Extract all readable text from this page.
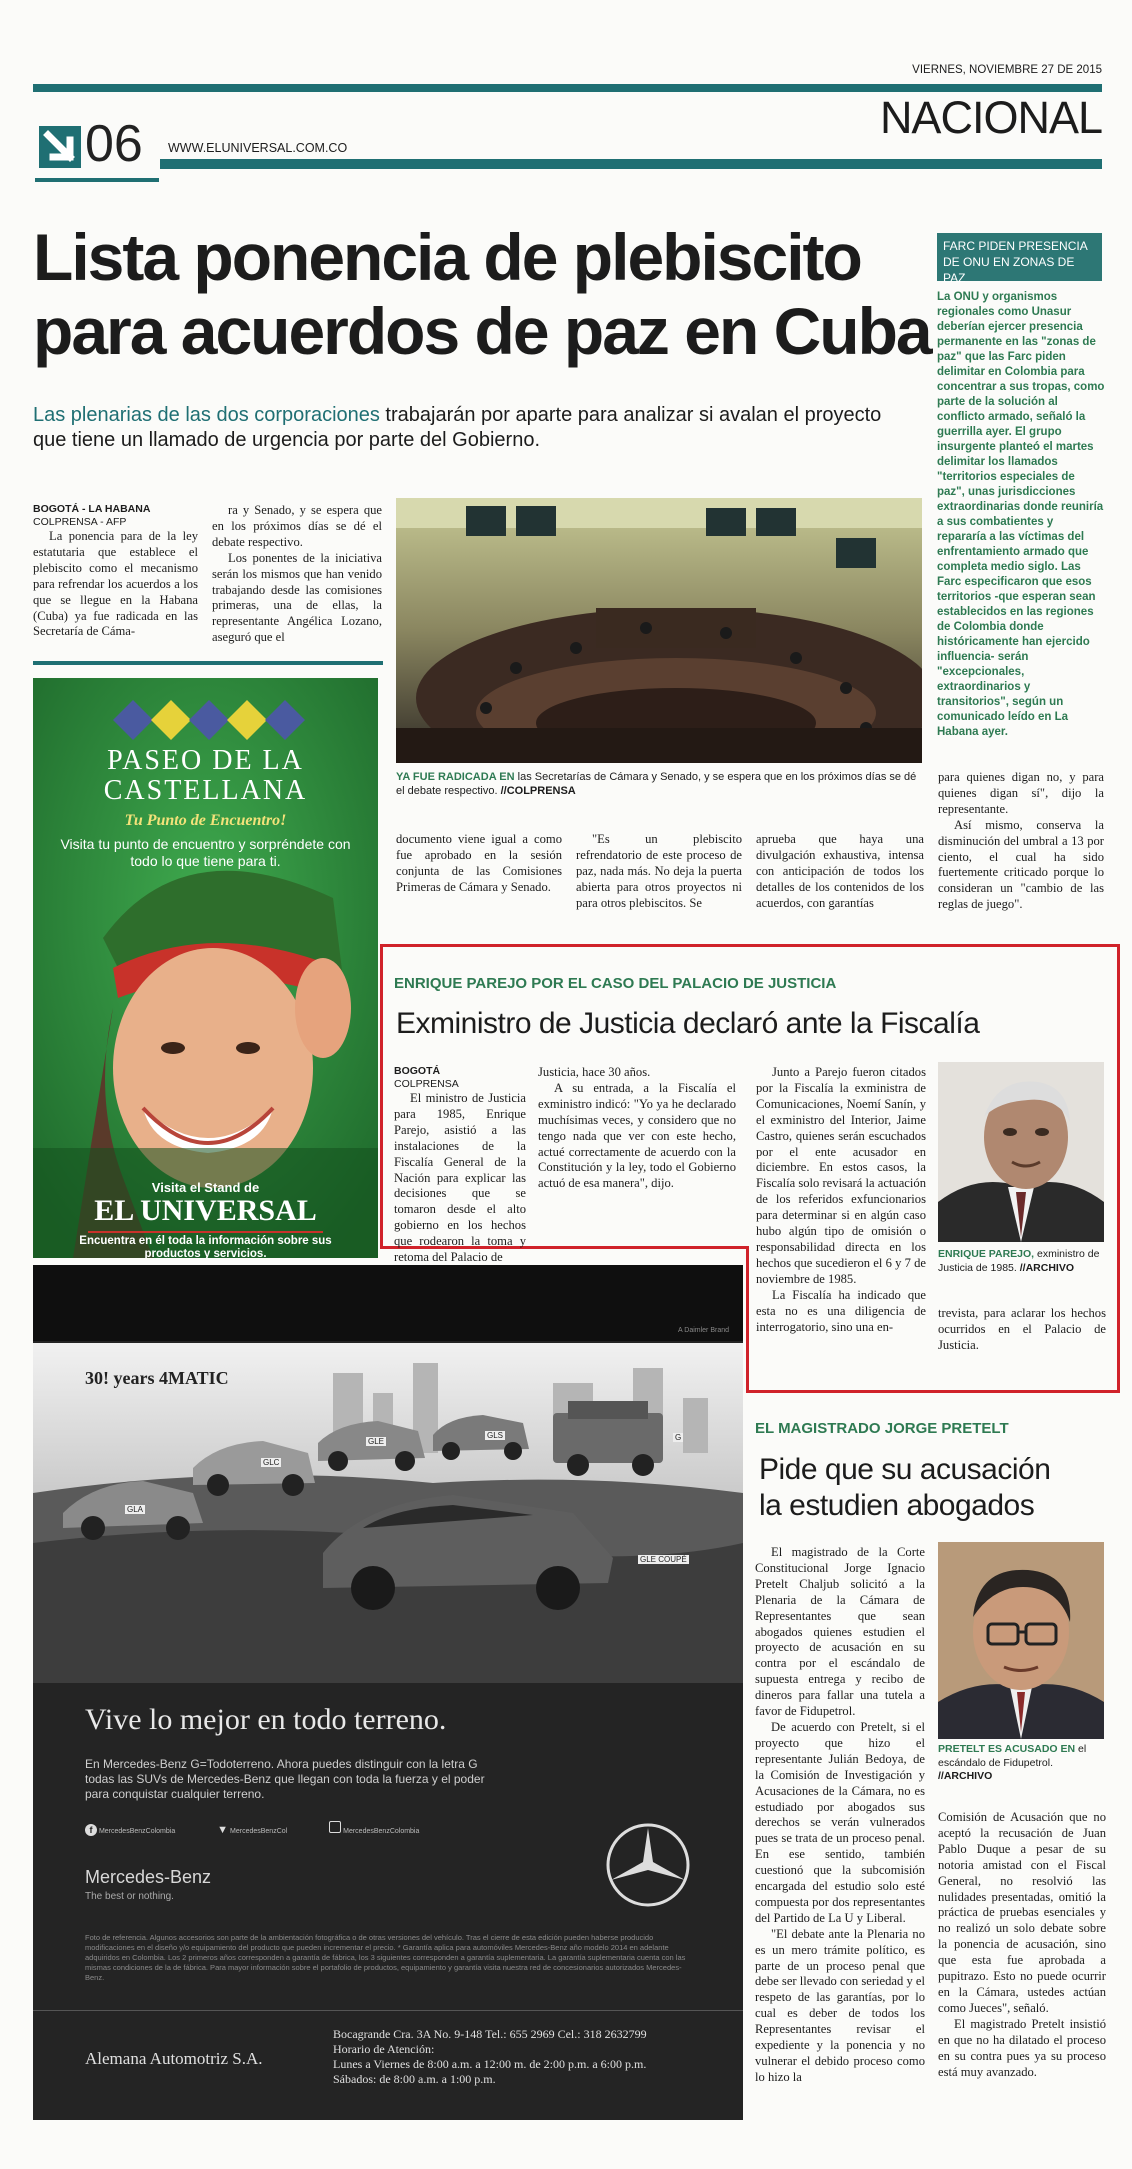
VIERNES, NOVIEMBRE 27 DE 2015
06 WWW.ELUNIVERSAL.COM.CO
NACIONAL
Lista ponencia de plebiscito
para acuerdos de paz en Cuba
Las plenarias de las dos corporaciones trabajarán por aparte para analizar si avalan el proyecto que tiene un llamado de urgencia por parte del Gobierno.
BOGOTÁ - LA HABANA
COLPRENSA - AFP

La ponencia para de la ley estatutaria que establece el plebiscito como el mecanismo para refrendar los acuerdos a los que se llegue en la Habana (Cuba) ya fue radicada en las Secretaría de Cáma-

ra y Senado, y se espera que en los próximos días se dé el debate respectivo.

Los ponentes de la iniciativa serán los mismos que han venido trabajando desde las comisiones primeras, una de ellas, la representante Angélica Lozano, aseguró que el

YA FUE RADICADA EN las Secretarías de Cámara y Senado, y se espera que en los próximos días se dé el debate respectivo. //COLPRENSA

documento viene igual a como fue aprobado en la sesión conjunta de las Comisiones Primeras de Cámara y Senado.

"Es un plebiscito refrendatorio de este proceso de paz, nada más. No deja la puerta abierta para otros proyectos ni para otros plebiscitos. Se

aprueba que haya una divulgación exhaustiva, intensa con anticipación de todos los detalles de los contenidos de los acuerdos, con garantías

para quienes digan no, y para quienes digan sí", dijo la representante.

Así mismo, conserva la disminución del umbral a 13 por ciento, el cual ha sido fuertemente criticado porque lo consideran un "cambio de las reglas de juego".

FARC PIDEN PRESENCIA DE ONU EN ZONAS DE PAZ
La ONU y organismos regionales como Unasur deberían ejercer presencia permanente en las "zonas de paz" que las Farc piden delimitar en Colombia para concentrar a sus tropas, como parte de la solución al conflicto armado, señaló la guerrilla ayer. El grupo insurgente planteó el martes delimitar los llamados "territorios especiales de paz", unas jurisdicciones extraordinarias donde reuniría a sus combatientes y repararía a las víctimas del enfrentamiento armado que completa medio siglo. Las Farc especificaron que esos territorios -que esperan sean establecidos en las regiones de Colombia donde históricamente han ejercido influencia- serán "excepcionales, extraordinarios y transitorios", según un comunicado leído en La Habana ayer.
PASEO DE LA
CASTELLANA
Tu Punto de Encuentro!
Visita tu punto de encuentro y sorpréndete con todo lo que tiene para ti.
Visita el Stand de
EL UNIVERSAL
Encuentra en él toda la información sobre sus productos y servicios.
ENRIQUE PAREJO POR EL CASO DEL PALACIO DE JUSTICIA
Exministro de Justicia declaró ante la Fiscalía
BOGOTÁ
COLPRENSA

El ministro de Justicia para 1985, Enrique Parejo, asistió a las instalaciones de la Fiscalía General de la Nación para explicar las decisiones que se tomaron desde el alto gobierno en los hechos que rodearon la toma y retoma del Palacio de

Justicia, hace 30 años.

A su entrada, a la Fiscalía el exministro indicó: "Yo ya he declarado muchísimas veces, y considero que no tengo nada que ver con este hecho, actué correctamente de acuerdo con la Constitución y la ley, todo el Gobierno actuó de esa manera", dijo.

Junto a Parejo fueron citados por la Fiscalía la exministra de Comunicaciones, Noemí Sanín, y el exministro del Interior, Jaime Castro, quienes serán escuchados por el ente acusador en diciembre. En estos casos, la Fiscalía solo revisará la actuación de los referidos exfuncionarios para determinar si en algún caso hubo algún tipo de omisión o responsabilidad directa en los hechos que sucedieron el 6 y 7 de noviembre de 1985.

La Fiscalía ha indicado que esta no es una diligencia de interrogatorio, sino una en-

trevista, para aclarar los hechos ocurridos en el Palacio de Justicia.

ENRIQUE PAREJO, exministro de Justicia de 1985. //ARCHIVO
A Daimler Brand
30! years 4MATIC
GLA
GLC
GLE
GLS	G
GLE COUPÉ
Vive lo mejor en todo terreno.
En Mercedes-Benz G=Todoterreno. Ahora puedes distinguir con la letra G todas las SUVs de Mercedes-Benz que llegan con toda la fuerza y el poder para conquistar cualquier terreno.
f MercedesBenzColombia	▼ MercedesBenzCol	MercedesBenzColombia
Mercedes-Benz
The best or nothing.
Foto de referencia. Algunos accesorios son parte de la ambientación fotográfica o de otras versiones del vehículo. Tras el cierre de esta edición pueden haberse producido modificaciones en el diseño y/o equipamiento del producto que pueden incrementar el precio. * Garantía aplica para automóviles Mercedes-Benz año modelo 2014 en adelante adquiridos en Colombia. Los 2 primeros años corresponden a garantía de fábrica, los 3 siguientes corresponden a garantía suplementaria. La garantía suplementaria cuenta con las mismas condiciones de la de fábrica. Para mayor información sobre el portafolio de productos, equipamiento y garantía visita nuestra red de concesionarios autorizados Mercedes-Benz.
Alemana Automotriz S.A.
Bocagrande Cra. 3A No. 9-148 Tel.: 655 2969 Cel.: 318 2632799
Horario de Atención:
Lunes a Viernes de 8:00 a.m. a 12:00 m. de 2:00 p.m. a 6:00 p.m.
Sábados: de 8:00 a.m. a 1:00 p.m.
EL MAGISTRADO JORGE PRETELT
Pide que su acusación
la estudien abogados

El magistrado de la Corte Constitucional Jorge Ignacio Pretelt Chaljub solicitó a la Plenaria de la Cámara de Representantes que sean abogados quienes estudien el proyecto de acusación en su contra por el escándalo de supuesta entrega y recibo de dineros para fallar una tutela a favor de Fidupetrol.

De acuerdo con Pretelt, si el proyecto que hizo el representante Julián Bedoya, de la Comisión de Investigación y Acusaciones de la Cámara, no es estudiado por abogados sus derechos se verán vulnerados pues se trata de un proceso penal. En ese sentido, también cuestionó que la subcomisión encargada del estudio solo esté compuesta por dos representantes del Partido de La U y Liberal.

"El debate ante la Plenaria no es un mero trámite político, es parte de un proceso penal que debe ser llevado con seriedad y el respeto de las garantías, por lo cual es deber de todos los Representantes revisar el expediente y la ponencia y no vulnerar el debido proceso como lo hizo la

PRETELT ES ACUSADO EN el escándalo de Fidupetrol. //ARCHIVO

Comisión de Acusación que no aceptó la recusación de Juan Pablo Duque a pesar de su notoria amistad con el Fiscal General, no resolvió las nulidades presentadas, omitió la práctica de pruebas esenciales y no realizó un solo debate sobre la ponencia de acusación, sino que esta fue aprobada a pupitrazo. Esto no puede ocurrir en la Cámara, ustedes actúan como Jueces", señaló.

El magistrado Pretelt insistió en que no ha dilatado el proceso en su contra pues ya su proceso está muy avanzado.
